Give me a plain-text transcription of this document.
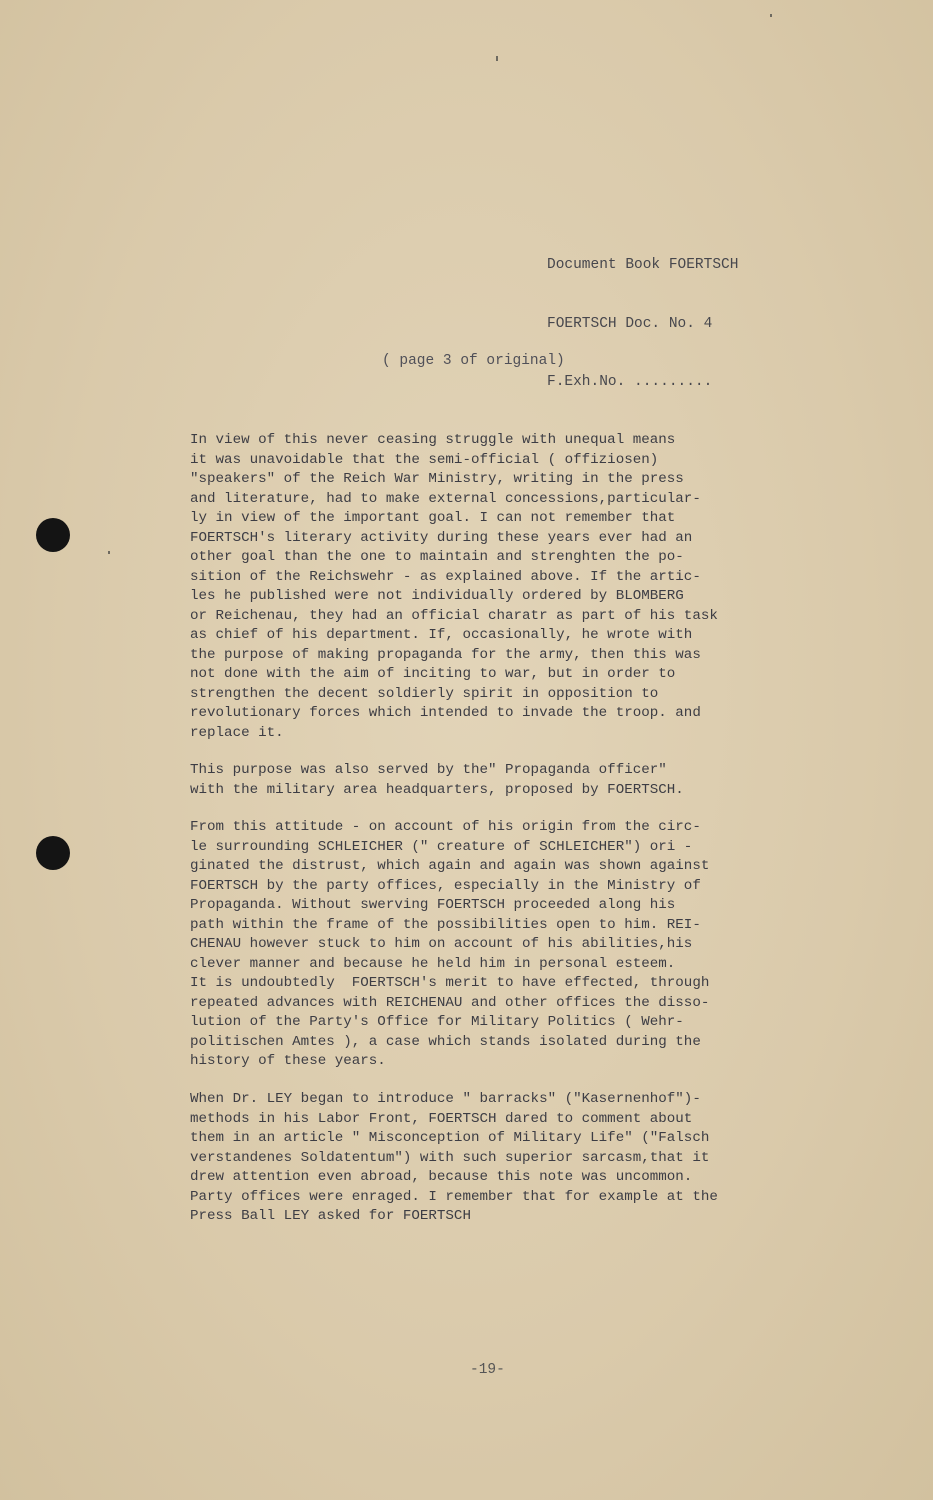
Document Book FOERTSCH

FOERTSCH Doc. No. 4

F.Exh.No. .........

( page 3 of original)
In view of this never ceasing struggle with unequal means
it was unavoidable that the semi-official ( offiziosen)
"speakers" of the Reich War Ministry, writing in the press
and literature, had to make external concessions,particular-
ly in view of the important goal. I can not remember that
FOERTSCH's literary activity during these years ever had an
other goal than the one to maintain and strenghten the po-
sition of the Reichswehr - as explained above. If the artic-
les he published were not individually ordered by BLOMBERG
or Reichenau, they had an official charatr as part of his task
as chief of his department. If, occasionally, he wrote with
the purpose of making propaganda for the army, then this was
not done with the aim of inciting to war, but in order to
strengthen the decent soldierly spirit in opposition to
revolutionary forces which intended to invade the troop. and
replace it.
This purpose was also served by the" Propaganda officer"
with the military area headquarters, proposed by FOERTSCH.
From this attitude - on account of his origin from the circ-
le surrounding SCHLEICHER (" creature of SCHLEICHER") ori -
ginated the distrust, which again and again was shown against
FOERTSCH by the party offices, especially in the Ministry of
Propaganda. Without swerving FOERTSCH proceeded along his
path within the frame of the possibilities open to him. REI-
CHENAU however stuck to him on account of his abilities,his
clever manner and because he held him in personal esteem.
It is undoubtedly  FOERTSCH's merit to have effected, through
repeated advances with REICHENAU and other offices the disso-
lution of the Party's Office for Military Politics ( Wehr-
politischen Amtes ), a case which stands isolated during the
history of these years.
When Dr. LEY began to introduce " barracks" ("Kasernenhof")-
methods in his Labor Front, FOERTSCH dared to comment about
them in an article " Misconception of Military Life" ("Falsch
verstandenes Soldatentum") with such superior sarcasm,that it
drew attention even abroad, because this note was uncommon.
Party offices were enraged. I remember that for example at the
Press Ball LEY asked for FOERTSCH
-19-
